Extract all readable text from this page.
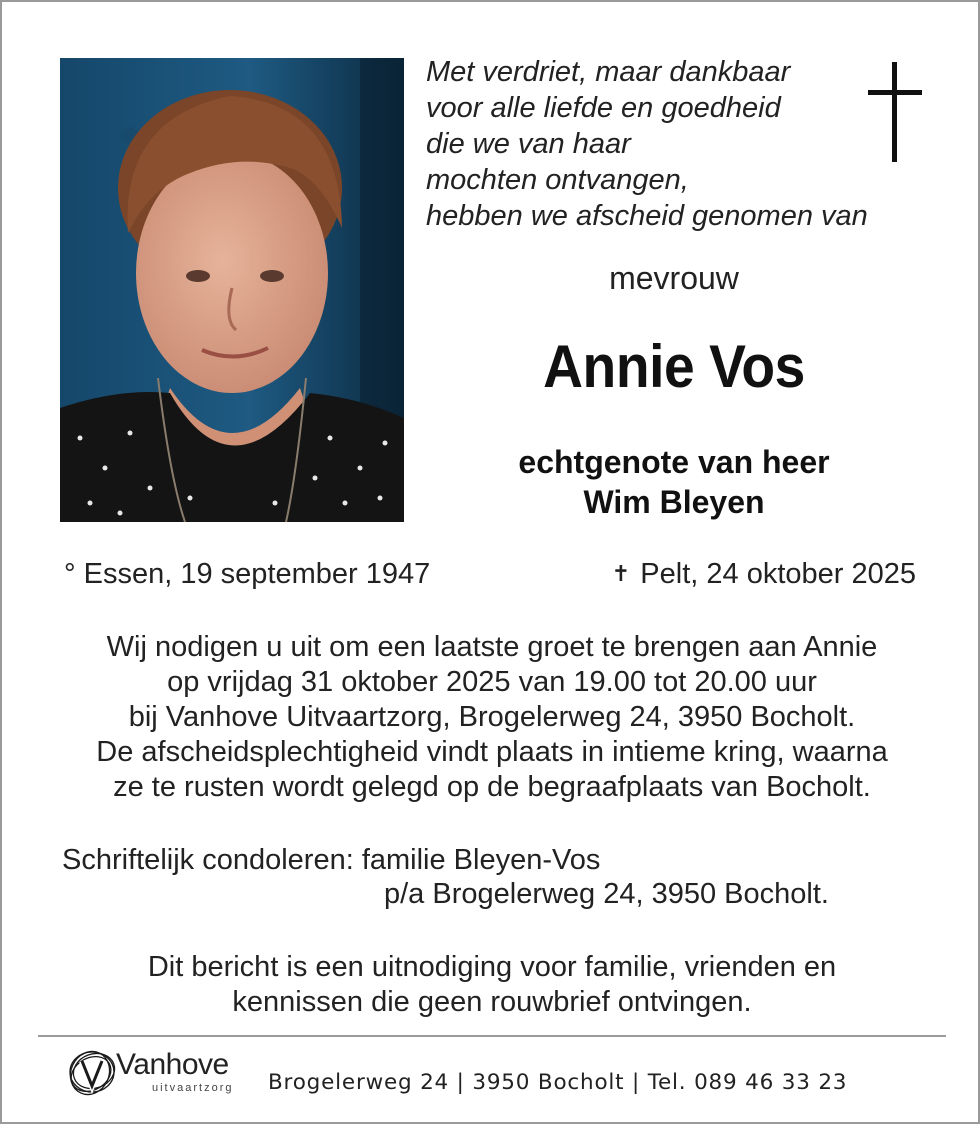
Met verdriet, maar dankbaar
voor alle liefde en goedheid
die we van haar
mochten ontvangen,
hebben we afscheid genomen van
mevrouw
Annie Vos
echtgenote van heer
Wim Bleyen
° Essen, 19 september 1947	✝ Pelt, 24 oktober 2025
Wij nodigen u uit om een laatste groet te brengen aan Annie
op vrijdag 31 oktober 2025 van 19.00 tot 20.00 uur
bij Vanhove Uitvaartzorg, Brogelerweg 24, 3950 Bocholt.
De afscheidsplechtigheid vindt plaats in intieme kring, waarna
ze te rusten wordt gelegd op de begraafplaats van Bocholt.
Schriftelijk condoleren: familie Bleyen-Vos
p/a Brogelerweg 24, 3950 Bocholt.
Dit bericht is een uitnodiging voor familie, vrienden en
kennissen die geen rouwbrief ontvingen.
Vanhove
uitvaartzorg Brogelerweg 24 | 3950 Bocholt | Tel. 089 46 33 23
